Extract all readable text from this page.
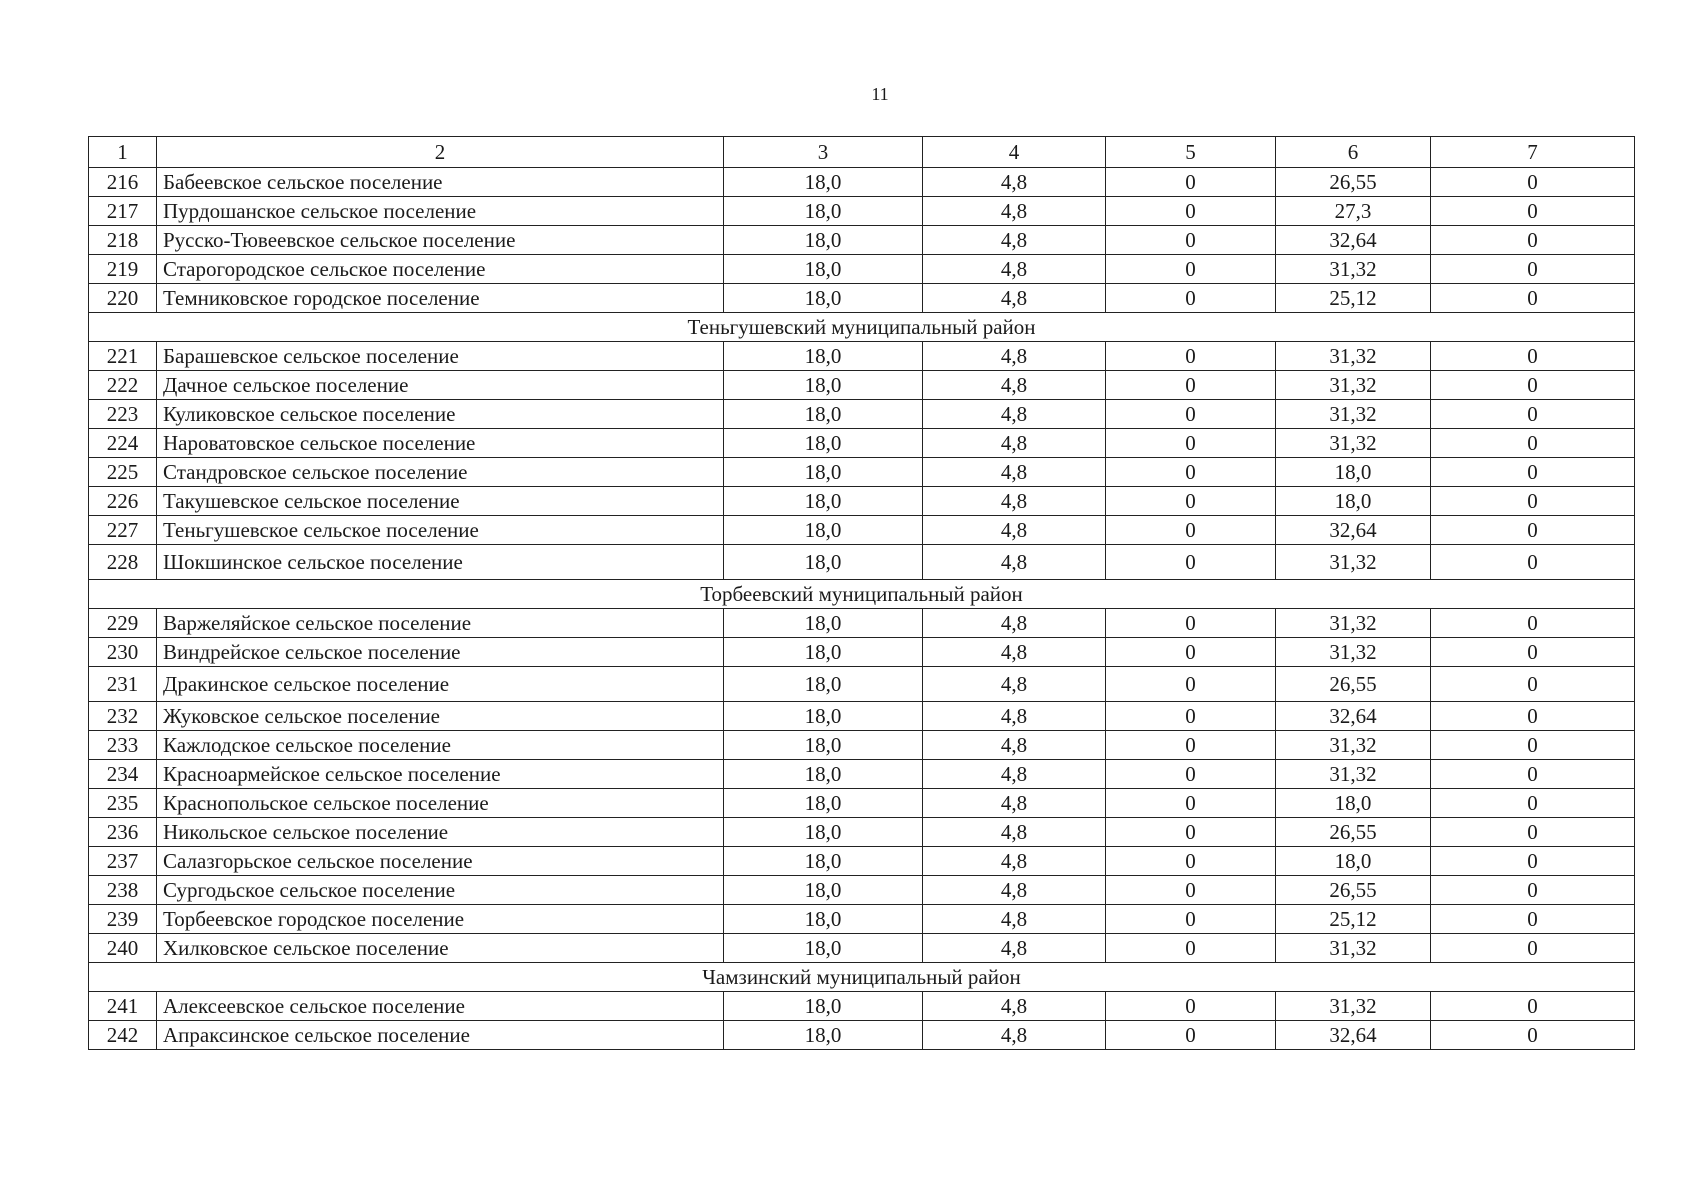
11
1	2	3	4	5	6	7
216	Бабеевское сельское поселение	18,0	4,8	0	26,55	0
217	Пурдошанское сельское поселение	18,0	4,8	0	27,3	0
218	Русско-Тювеевское сельское поселение	18,0	4,8	0	32,64	0
219	Старогородское сельское поселение	18,0	4,8	0	31,32	0
220	Темниковское городское поселение	18,0	4,8	0	25,12	0
Теньгушевский муниципальный район						
221	Барашевское сельское поселение	18,0	4,8	0	31,32	0
222	Дачное сельское поселение	18,0	4,8	0	31,32	0
223	Куликовское сельское поселение	18,0	4,8	0	31,32	0
224	Нароватовское сельское поселение	18,0	4,8	0	31,32	0
225	Стандровское сельское поселение	18,0	4,8	0	18,0	0
226	Такушевское сельское поселение	18,0	4,8	0	18,0	0
227	Теньгушевское сельское поселение	18,0	4,8	0	32,64	0
228	Шокшинское сельское поселение	18,0	4,8	0	31,32	0
Торбеевский муниципальный район						
229	Варжеляйское сельское поселение	18,0	4,8	0	31,32	0
230	Виндрейское сельское поселение	18,0	4,8	0	31,32	0
231	Дракинское сельское поселение	18,0	4,8	0	26,55	0
232	Жуковское сельское поселение	18,0	4,8	0	32,64	0
233	Кажлодское сельское поселение	18,0	4,8	0	31,32	0
234	Красноармейское сельское поселение	18,0	4,8	0	31,32	0
235	Краснопольское сельское поселение	18,0	4,8	0	18,0	0
236	Никольское сельское поселение	18,0	4,8	0	26,55	0
237	Салазгорьское сельское поселение	18,0	4,8	0	18,0	0
238	Сургодьское сельское поселение	18,0	4,8	0	26,55	0
239	Торбеевское городское поселение	18,0	4,8	0	25,12	0
240	Хилковское сельское поселение	18,0	4,8	0	31,32	0
Чамзинский муниципальный район						
241	Алексеевское сельское поселение	18,0	4,8	0	31,32	0
242	Апраксинское сельское поселение	18,0	4,8	0	32,64	0
